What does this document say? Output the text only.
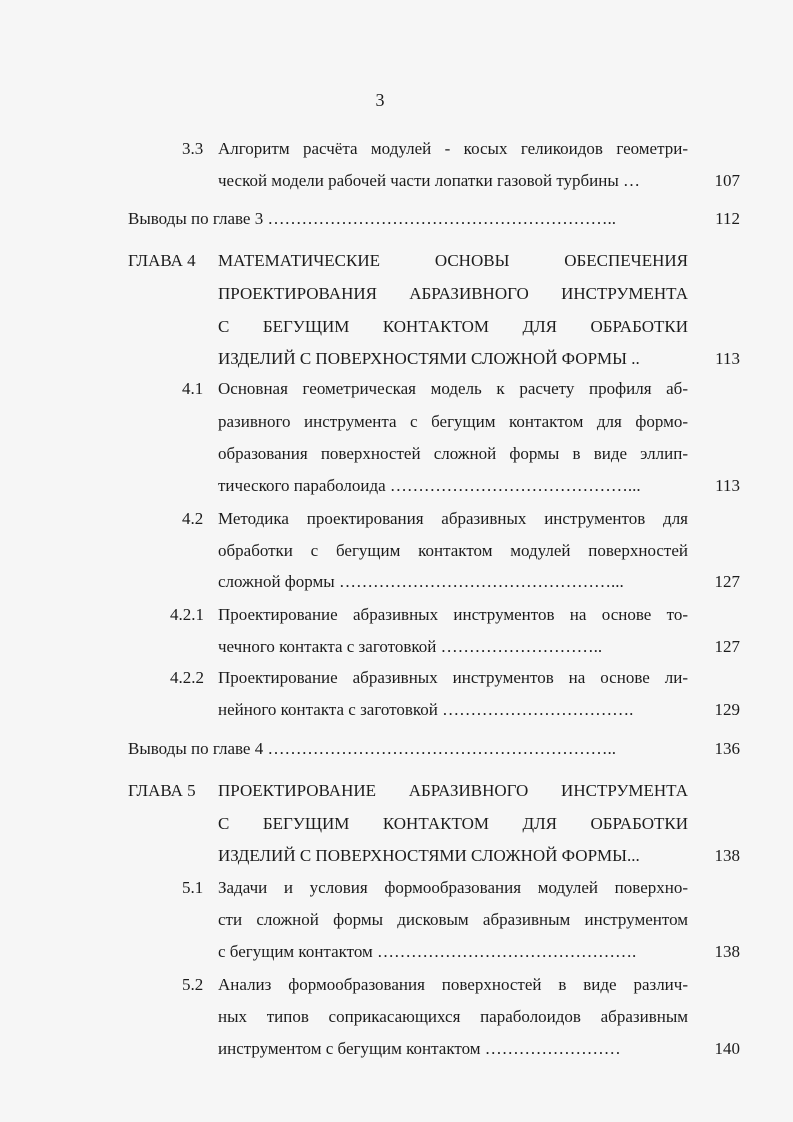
3
3.3 Алгоритм расчёта модулей - косых геликоидов геометри-
ческой модели рабочей части лопатки газовой турбины …	107
Выводы по главе 3 ……………………………………………………..	112
ГЛАВА 4 МАТЕМАТИЧЕСКИЕ ОСНОВЫ ОБЕСПЕЧЕНИЯ
ПРОЕКТИРОВАНИЯ АБРАЗИВНОГО ИНСТРУМЕНТА
С БЕГУЩИМ КОНТАКТОМ ДЛЯ ОБРАБОТКИ
ИЗДЕЛИЙ С ПОВЕРХНОСТЯМИ СЛОЖНОЙ ФОРМЫ ..	113
4.1 Основная геометрическая модель к расчету профиля аб-
разивного инструмента с бегущим контактом для формо-
образования поверхностей сложной формы в виде эллип-
тического параболоида ……………………………………...	113
4.2 Методика проектирования абразивных инструментов для
обработки с бегущим контактом модулей поверхностей
сложной формы …………………………………………...	127
4.2.1 Проектирование абразивных инструментов на основе то-
чечного контакта с заготовкой ………………………..	127
4.2.2 Проектирование абразивных инструментов на основе ли-
нейного контакта с заготовкой …………………………….	129
Выводы по главе 4 ……………………………………………………..	136
ГЛАВА 5 ПРОЕКТИРОВАНИЕ АБРАЗИВНОГО ИНСТРУМЕНТА
С БЕГУЩИМ КОНТАКТОМ ДЛЯ ОБРАБОТКИ
ИЗДЕЛИЙ С ПОВЕРХНОСТЯМИ СЛОЖНОЙ ФОРМЫ...	138
5.1 Задачи и условия формообразования модулей поверхно-
сти сложной формы дисковым абразивным инструментом
с бегущим контактом ……………………………………….	138
5.2 Анализ формообразования поверхностей в виде различ-
ных типов соприкасающихся параболоидов абразивным
инструментом с бегущим контактом ……………………	140
